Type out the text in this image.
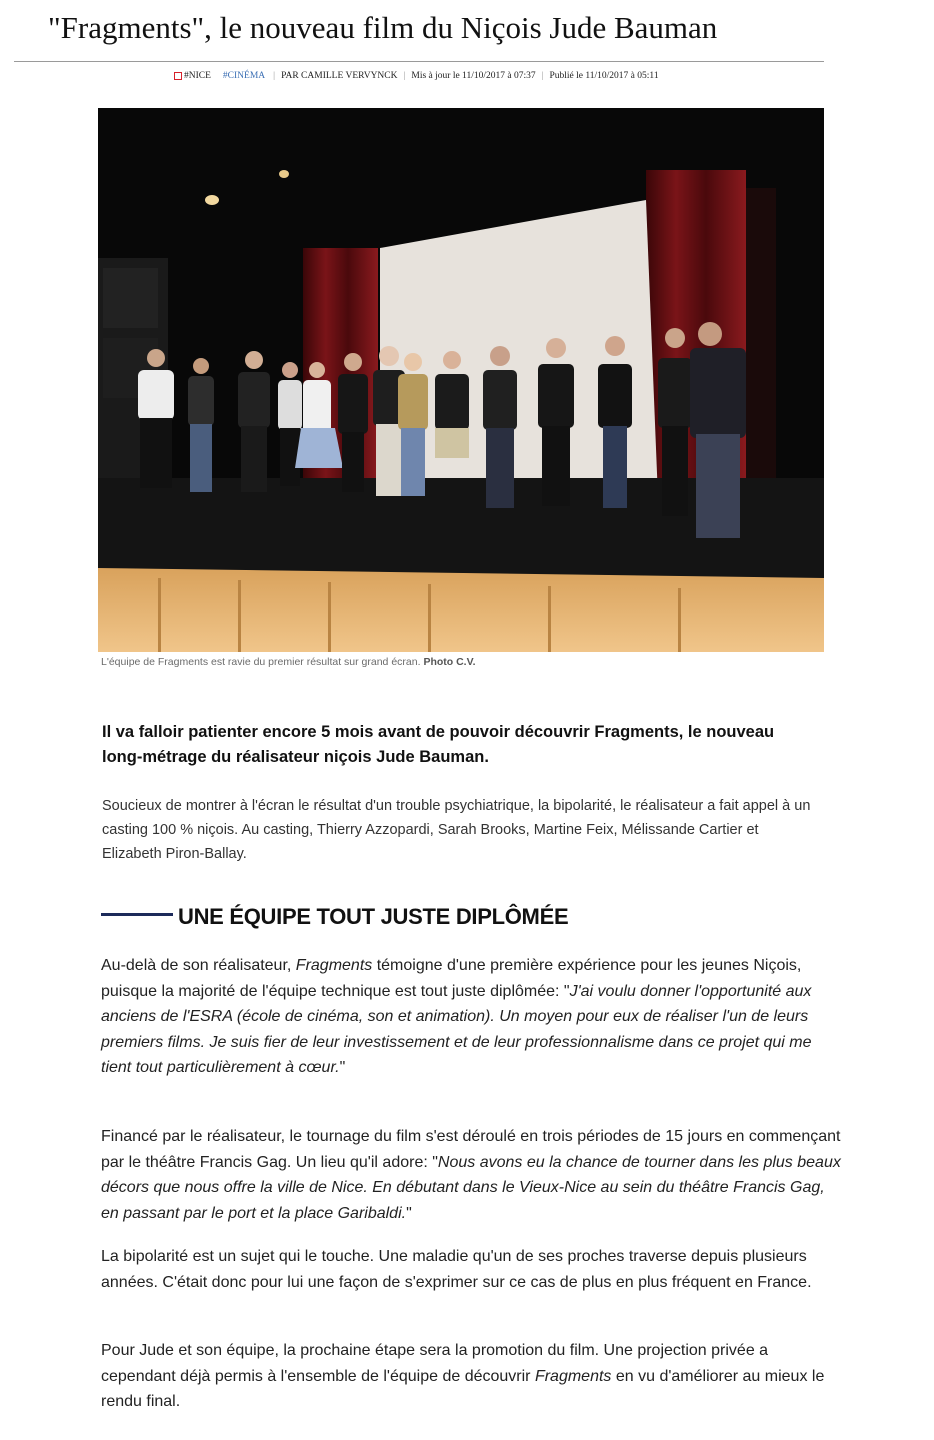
"Fragments", le nouveau film du Niçois Jude Bauman
#NICE #CINÉMA | PAR CAMILLE VERVYNCK | Mis à jour le 11/10/2017 à 07:37 | Publié le 11/10/2017 à 05:11
L'équipe de Fragments est ravie du premier résultat sur grand écran. Photo C.V.

Il va falloir patienter encore 5 mois avant de pouvoir découvrir Fragments, le nouveau long-métrage du réalisateur niçois Jude Bauman.

Soucieux de montrer à l'écran le résultat d'un trouble psychiatrique, la bipolarité, le réalisateur a fait appel à un casting 100 % niçois. Au casting, Thierry Azzopardi, Sarah Brooks, Martine Feix, Mélissande Cartier et Elizabeth Piron-Ballay.

UNE ÉQUIPE TOUT JUSTE DIPLÔMÉE

Au-delà de son réalisateur, Fragments témoigne d'une première expérience pour les jeunes Niçois, puisque la majorité de l'équipe technique est tout juste diplômée: "J'ai voulu donner l'opportunité aux anciens de l'ESRA (école de cinéma, son et animation). Un moyen pour eux de réaliser l'un de leurs premiers films. Je suis fier de leur investissement et de leur professionnalisme dans ce projet qui me tient tout particulièrement à cœur."

Financé par le réalisateur, le tournage du film s'est déroulé en trois périodes de 15 jours en commençant par le théâtre Francis Gag. Un lieu qu'il adore: "Nous avons eu la chance de tourner dans les plus beaux décors que nous offre la ville de Nice. En débutant dans le Vieux-Nice au sein du théâtre Francis Gag, en passant par le port et la place Garibaldi."

La bipolarité est un sujet qui le touche. Une maladie qu'un de ses proches traverse depuis plusieurs années. C'était donc pour lui une façon de s'exprimer sur ce cas de plus en plus fréquent en France.

Pour Jude et son équipe, la prochaine étape sera la promotion du film. Une projection privée a cependant déjà permis à l'ensemble de l'équipe de découvrir Fragments en vu d'améliorer au mieux le rendu final.
